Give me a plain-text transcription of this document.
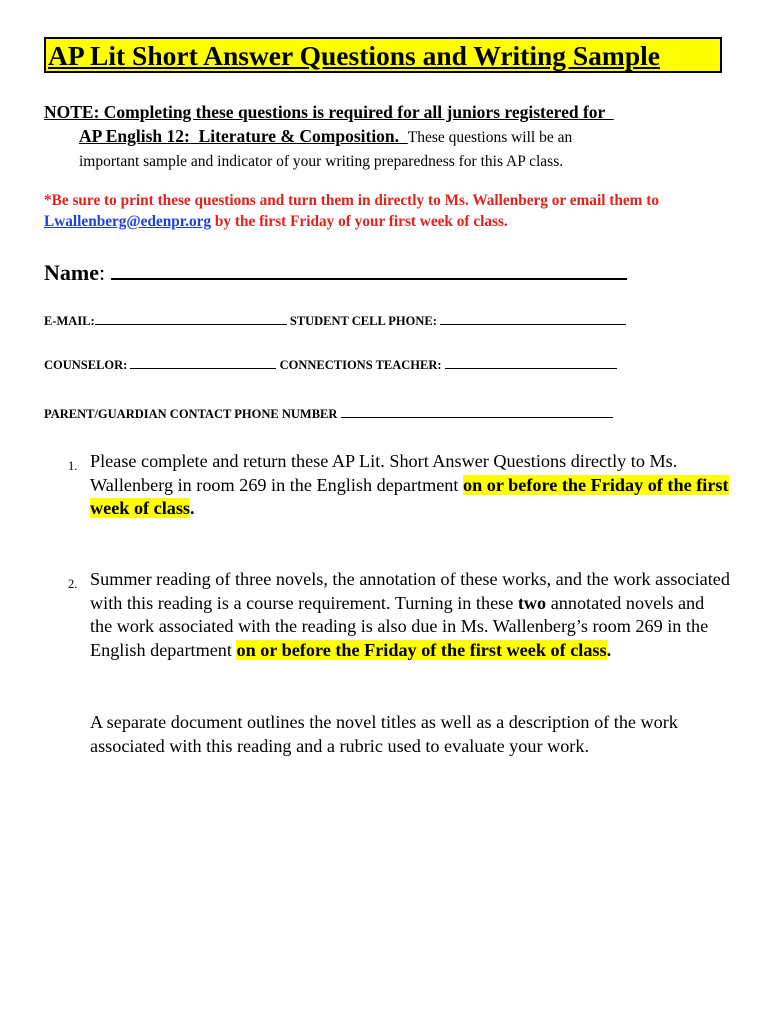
AP Lit Short Answer Questions and Writing Sample
NOTE: Completing these questions is required for all juniors registered for
AP English 12:  Literature & Composition.  These questions will be an
important sample and indicator of your writing preparedness for this AP class.
*Be sure to print these questions and turn them in directly to Ms. Wallenberg or email them to Lwallenberg@edenpr.org by the first Friday of your first week of class.
Name:
E-MAIL:	STUDENT CELL PHONE:
COUNSELOR:	CONNECTIONS TEACHER:
PARENT/GUARDIAN CONTACT PHONE NUMBER
1. Please complete and return these AP Lit. Short Answer Questions directly to Ms. Wallenberg in room 269 in the English department on or before the Friday of the first week of class.
2. Summer reading of three novels, the annotation of these works, and the work associated with this reading is a course requirement. Turning in these two annotated novels and the work associated with the reading is also due in Ms. Wallenberg’s room 269 in the English department on or before the Friday of the first week of class.
A separate document outlines the novel titles as well as a description of the work associated with this reading and a rubric used to evaluate your work.
